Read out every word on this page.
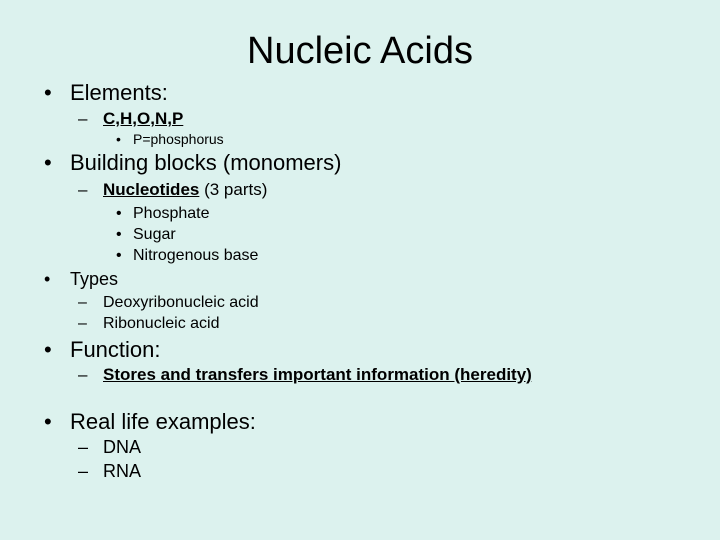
Nucleic Acids
• Elements:
– C,H,O,N,P
• P=phosphorus
• Building blocks (monomers)
– Nucleotides (3 parts)
• Phosphate
• Sugar
• Nitrogenous base
• Types
– Deoxyribonucleic acid
– Ribonucleic acid
• Function:
– Stores and transfers important information (heredity)
• Real life examples:
– DNA
– RNA
